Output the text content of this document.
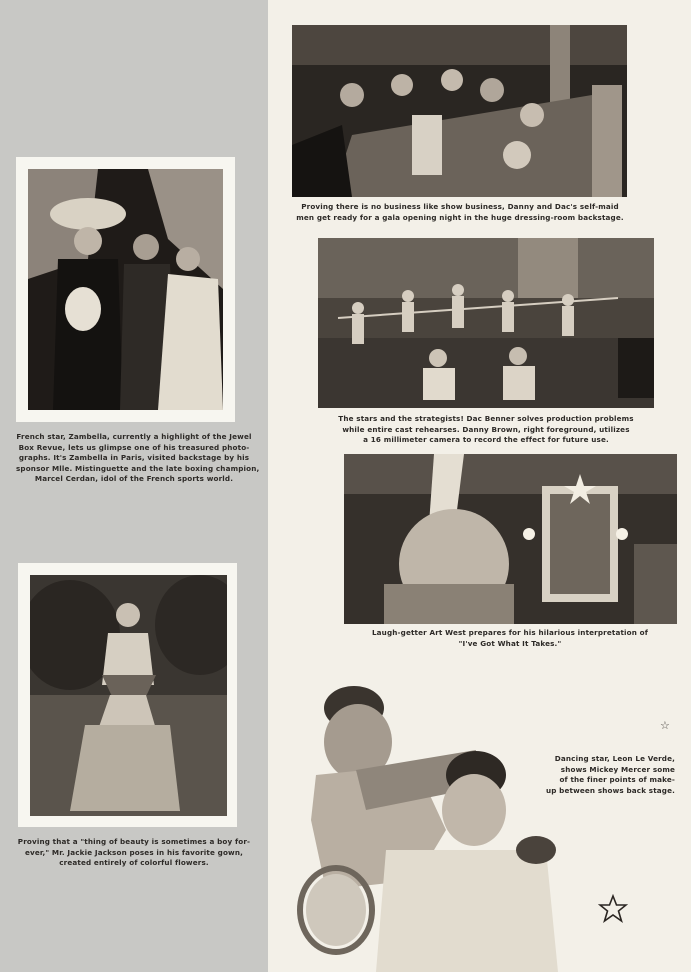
French star, Zambella, currently a highlight of the Jewel
Box Revue, lets us glimpse one of his treasured photo-
graphs. It's Zambella in Paris, visited backstage by his
sponsor Mlle. Mistinguette and the late boxing champion,
Marcel Cerdan, idol of the French sports world.
Proving that a "thing of beauty is sometimes a boy for-
ever," Mr. Jackie Jackson poses in his favorite gown,
created entirely of colorful flowers.
Proving there is no business like show business, Danny and Dac's self-maid
men get ready for a gala opening night in the huge dressing-room backstage.
The stars and the strategists! Dac Benner solves production problems
while entire cast rehearses. Danny Brown, right foreground, utilizes
a 16 millimeter camera to record the effect for future use.
Laugh-getter Art West prepares for his hilarious interpretation of
"I've Got What It Takes."
Dancing star, Leon Le Verde,
shows Mickey Mercer some
of the finer points of make-
up between shows back stage.
☆
